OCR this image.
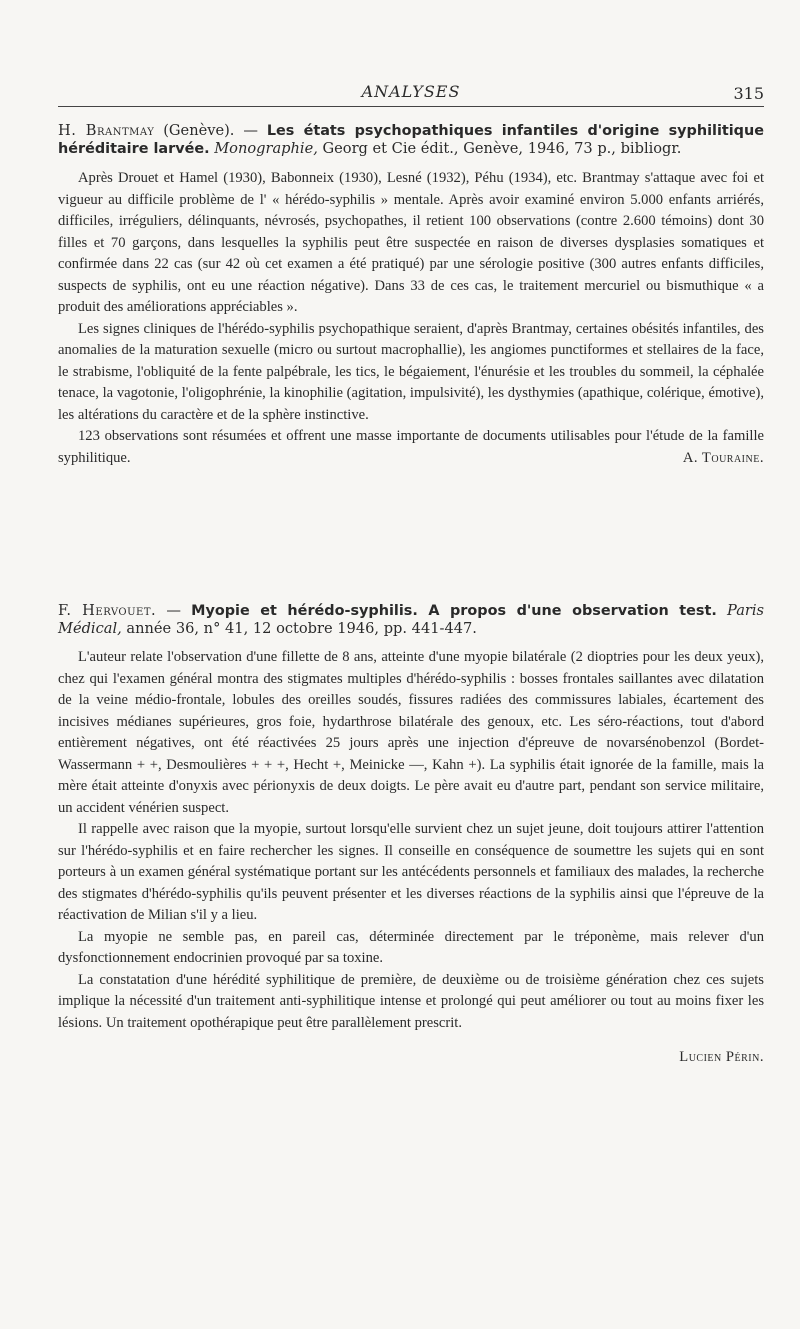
ANALYSES	315

H. Brantmay (Genève). — Les états psychopathiques infantiles d'origine syphilitique héréditaire larvée. Monographie, Georg et Cie édit., Genève, 1946, 73 p., bibliogr.

Après Drouet et Hamel (1930), Babonneix (1930), Lesné (1932), Péhu (1934), etc. Brantmay s'attaque avec foi et vigueur au difficile problème de l' « hérédo-syphilis » mentale. Après avoir examiné environ 5.000 enfants arriérés, difficiles, irréguliers, délinquants, névrosés, psychopathes, il retient 100 observations (contre 2.600 témoins) dont 30 filles et 70 garçons, dans lesquelles la syphilis peut être suspectée en raison de diverses dysplasies somatiques et confirmée dans 22 cas (sur 42 où cet examen a été pratiqué) par une sérologie positive (300 autres enfants difficiles, suspects de syphilis, ont eu une réaction négative). Dans 33 de ces cas, le traitement mercuriel ou bismuthique « a produit des améliorations appréciables ».

Les signes cliniques de l'hérédo-syphilis psychopathique seraient, d'après Brantmay, certaines obésités infantiles, des anomalies de la maturation sexuelle (micro ou surtout macrophallie), les angiomes punctiformes et stellaires de la face, le strabisme, l'obliquité de la fente palpébrale, les tics, le bégaiement, l'énurésie et les troubles du sommeil, la céphalée tenace, la vagotonie, l'oligophrénie, la kinophilie (agitation, impulsivité), les dysthymies (apathique, colérique, émotive), les altérations du caractère et de la sphère instinctive.

123 observations sont résumées et offrent une masse importante de documents utilisables pour l'étude de la famille syphilitique.	A. Touraine.

F. Hervouet. — Myopie et hérédo-syphilis. A propos d'une observation test. Paris Médical, année 36, n° 41, 12 octobre 1946, pp. 441-447.

L'auteur relate l'observation d'une fillette de 8 ans, atteinte d'une myopie bilatérale (2 dioptries pour les deux yeux), chez qui l'examen général montra des stigmates multiples d'hérédo-syphilis : bosses frontales saillantes avec dilatation de la veine médio-frontale, lobules des oreilles soudés, fissures radiées des commissures labiales, écartement des incisives médianes supérieures, gros foie, hydarthrose bilatérale des genoux, etc. Les séro-réactions, tout d'abord entièrement négatives, ont été réactivées 25 jours après une injection d'épreuve de novarsénobenzol (Bordet-Wassermann + +, Desmoulières + + +, Hecht +, Meinicke —, Kahn +). La syphilis était ignorée de la famille, mais la mère était atteinte d'onyxis avec périonyxis de deux doigts. Le père avait eu d'autre part, pendant son service militaire, un accident vénérien suspect.

Il rappelle avec raison que la myopie, surtout lorsqu'elle survient chez un sujet jeune, doit toujours attirer l'attention sur l'hérédo-syphilis et en faire rechercher les signes. Il conseille en conséquence de soumettre les sujets qui en sont porteurs à un examen général systématique portant sur les antécédents personnels et familiaux des malades, la recherche des stigmates d'hérédo-syphilis qu'ils peuvent présenter et les diverses réactions de la syphilis ainsi que l'épreuve de la réactivation de Milian s'il y a lieu.

La myopie ne semble pas, en pareil cas, déterminée directement par le tréponème, mais relever d'un dysfonctionnement endocrinien provoqué par sa toxine.

La constatation d'une hérédité syphilitique de première, de deuxième ou de troisième génération chez ces sujets implique la nécessité d'un traitement anti-syphilitique intense et prolongé qui peut améliorer ou tout au moins fixer les lésions. Un traitement opothérapique peut être parallèlement prescrit.

Lucien Périn.
